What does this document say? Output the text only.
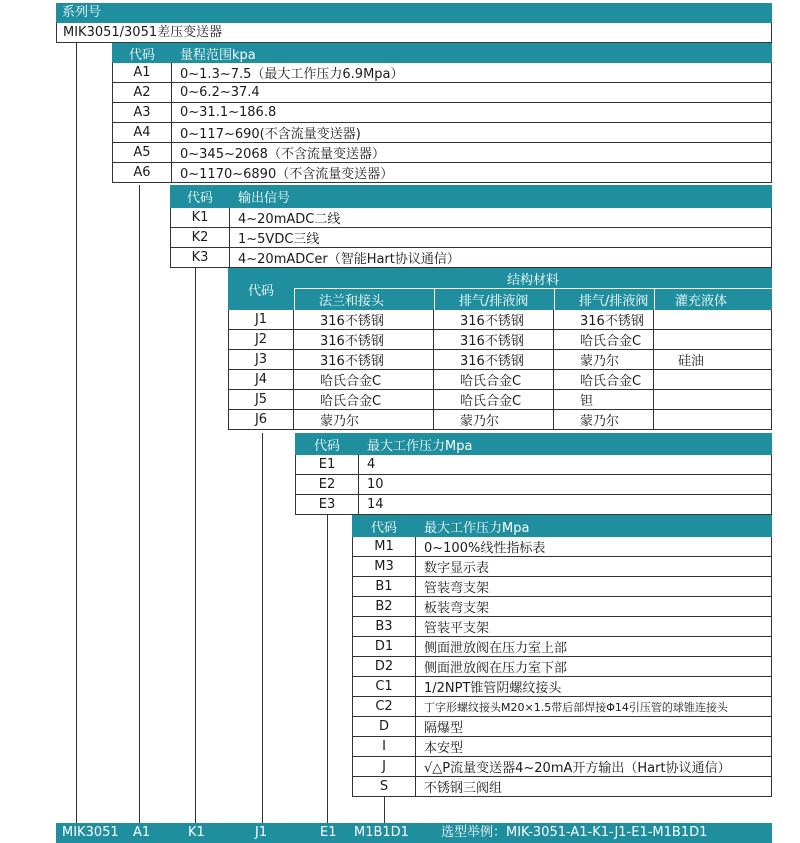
系列号
MIK3051/3051差压变送器
代码	量程范围kpa
A1	0~1.3~7.5（最大工作压力6.9Mpa）
A2	0~6.2~37.4
A3	0~31.1~186.8
A4	0~117~690(不含流量变送器)
A5	0~345~2068（不含流量变送器）
A6	0~1170~6890（不含流量变送器）
代码	输出信号
K1	4~20mADC二线
K2	1~5VDC三线
K3	4~20mADCer（智能Hart协议通信）
代码
结构材料
法兰和接头	排气/排液阀	排气/排液阀	灌充液体
J1	316不锈钢	316不锈钢	316不锈钢
J2	316不锈钢	316不锈钢	哈氏合金C
J3	316不锈钢	316不锈钢	蒙乃尔	硅油
J4	哈氏合金C	哈氏合金C	哈氏合金C
J5	哈氏合金C	哈氏合金C	钽
J6	蒙乃尔	蒙乃尔	蒙乃尔
代码	最大工作压力Mpa
E1	4
E2	10
E3	14
代码	最大工作压力Mpa
M1	0~100%线性指标表
M3	数字显示表
B1	管装弯支架
B2	板装弯支架
B3	管装平支架
D1	侧面泄放阀在压力室上部
D2	侧面泄放阀在压力室下部
C1	1/2NPT锥管阴螺纹接头
C2	丁字形螺纹接头M20×1.5带后部焊接Φ14引压管的球锥连接头
D	隔爆型
I	本安型
J	√△P流量变送器4~20mA开方输出（Hart协议通信）
S	不锈钢三阀组
MIK3051 A1	K1	J1	E1 M1B1D1 选型举例：MIK-3051-A1-K1-J1-E1-M1B1D1
